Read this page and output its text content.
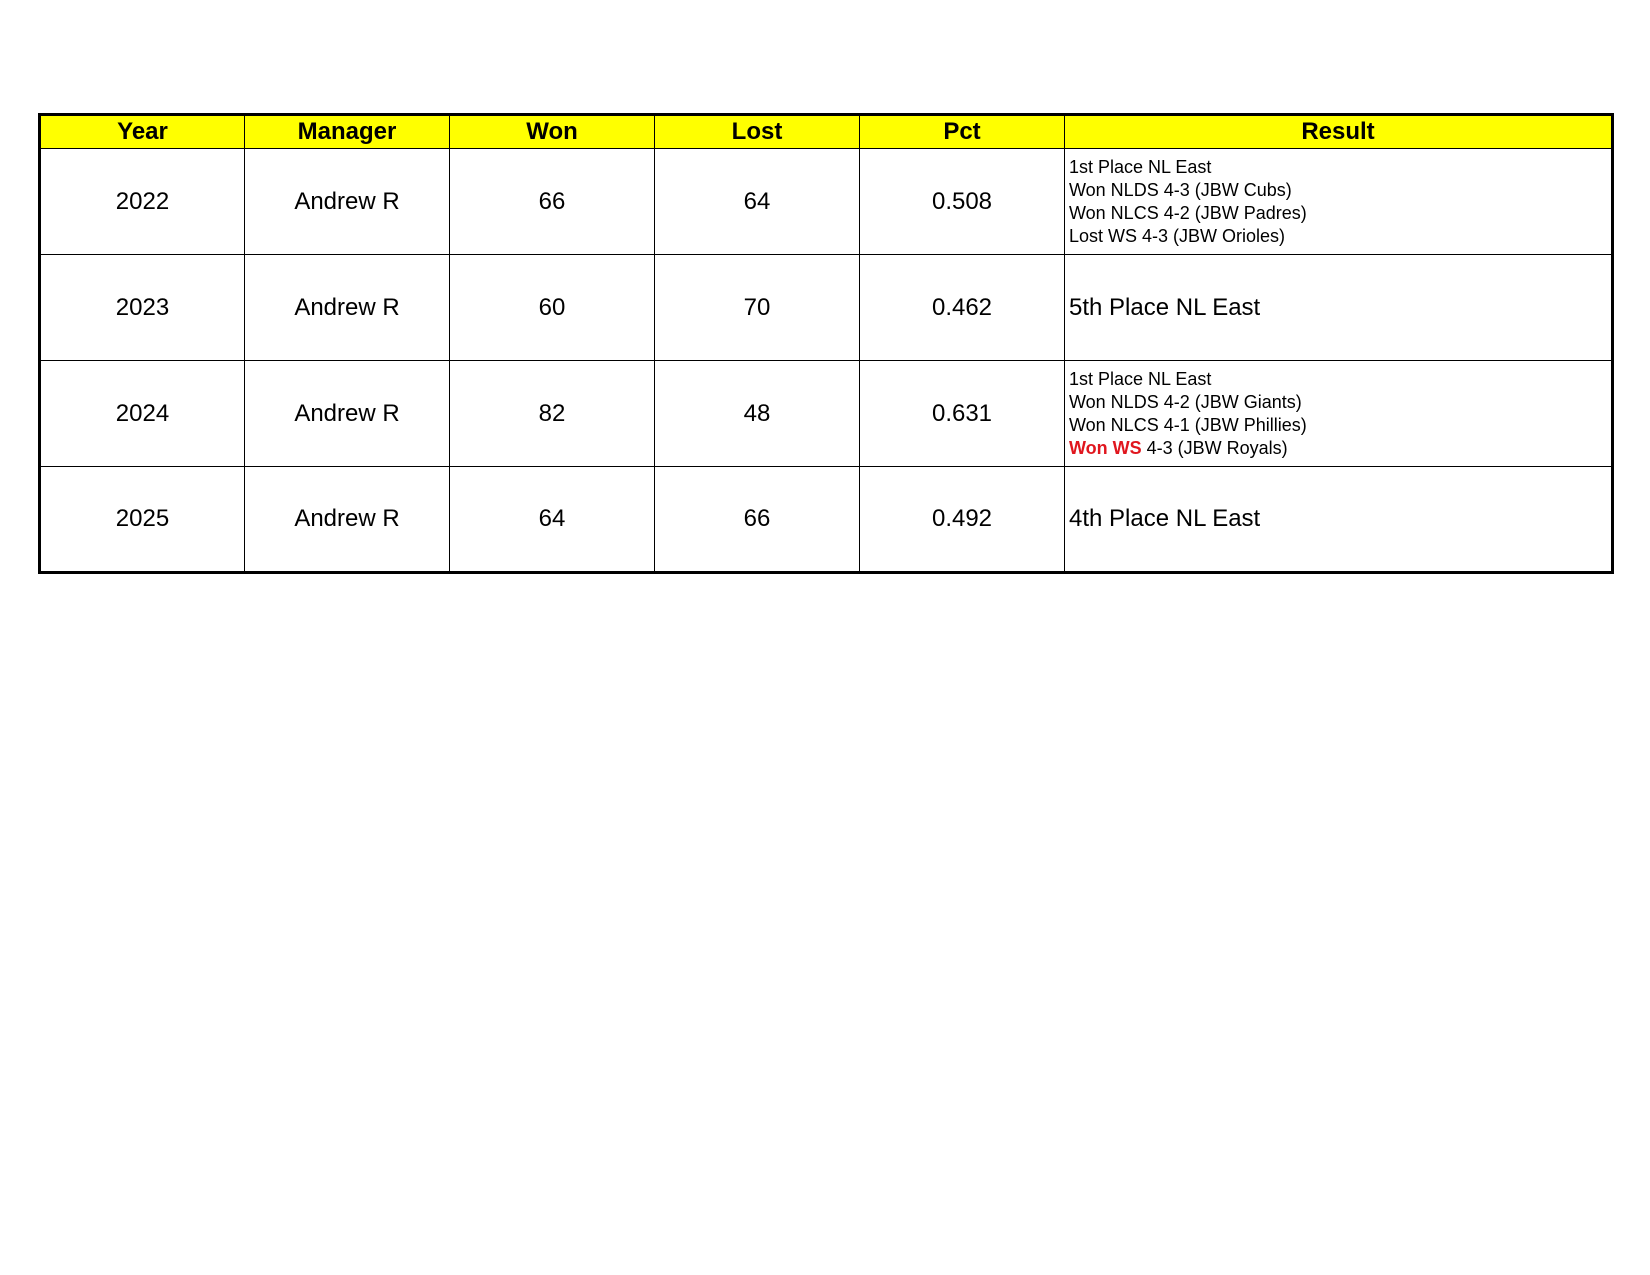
Year	Manager	Won	Lost	Pct	Result
2022	Andrew R	66	64	0.508	1st Place NL East
Won NLDS 4-3 (JBW Cubs)
Won NLCS 4-2 (JBW Padres)
Lost WS 4-3 (JBW Orioles)

2023	Andrew R	60	70	0.462	5th Place NL East

2024	Andrew R	82	48	0.631	1st Place NL East
Won NLDS 4-2 (JBW Giants)
Won NLCS 4-1 (JBW Phillies)
Won WS 4-3 (JBW Royals)

2025	Andrew R	64	66	0.492	4th Place NL East
